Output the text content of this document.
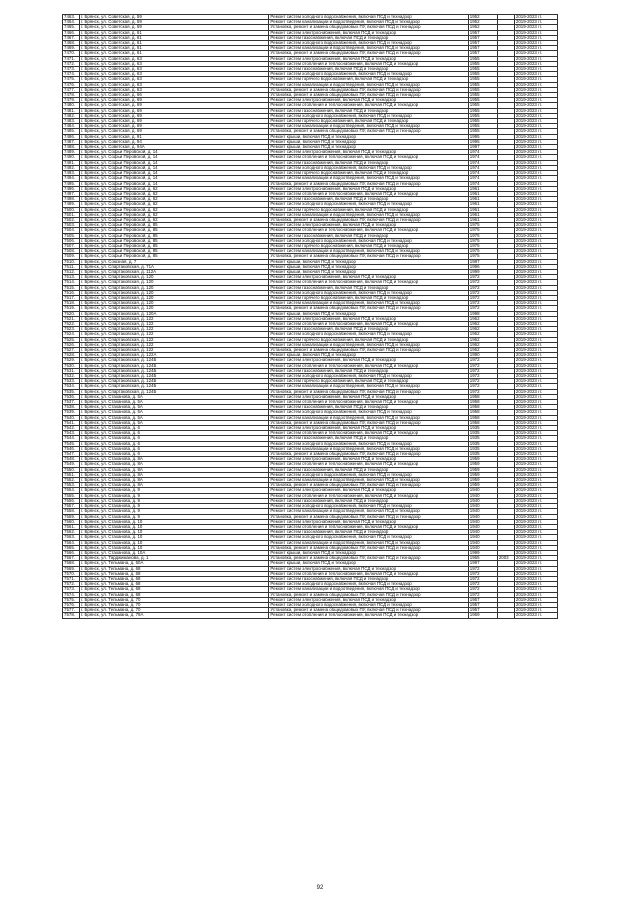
7463.	г. Брянск, ул. Советская, д. 59	Ремонт систем холодного водоснабжения, включая ПСД и технадзор	1952		2019-2023 гг.
7464.	г. Брянск, ул. Советская, д. 59	Ремонт систем канализации и водоотведения, включая ПСД и технадзор	1952		2019-2023 гг.
7465.	г. Брянск, ул. Советская, д. 59	Установка, ремонт и замена общедомовых ПУ, включая ПСД и технадзор	1952		2019-2023 гг.
7466.	г. Брянск, ул. Советская, д. 61	Ремонт систем электроснабжения, включая ПСД и технадзор	1957		2019-2023 гг.
7467.	г. Брянск, ул. Советская, д. 61	Ремонт систем газоснабжения, включая ПСД и технадзор	1957		2019-2023 гг.
7468.	г. Брянск, ул. Советская, д. 61	Ремонт систем холодного водоснабжения, включая ПСД и технадзор	1957		2019-2023 гг.
7469.	г. Брянск, ул. Советская, д. 61	Ремонт систем канализации и водоотведения, включая ПСД и технадзор	1957		2019-2023 гг.
7470.	г. Брянск, ул. Советская, д. 61	Установка, ремонт и замена общедомовых ПУ, включая ПСД и технадзор	1957		2019-2023 гг.
7471.	г. Брянск, ул. Советская, д. 63	Ремонт систем электроснабжения, включая ПСД и технадзор	1955		2019-2023 гг.
7472.	г. Брянск, ул. Советская, д. 63	Ремонт систем отопления и теплоснабжения, включая ПСД и технадзор	1955		2019-2023 гг.
7473.	г. Брянск, ул. Советская, д. 63	Ремонт систем газоснабжения, включая ПСД и технадзор	1955		2019-2023 гг.
7474.	г. Брянск, ул. Советская, д. 63	Ремонт систем холодного водоснабжения, включая ПСД и технадзор	1955		2019-2023 гг.
7475.	г. Брянск, ул. Советская, д. 63	Ремонт систем горячего водоснабжения, включая ПСД и технадзор	1955		2019-2023 гг.
7476.	г. Брянск, ул. Советская, д. 63	Ремонт систем канализации и водоотведения, включая ПСД и технадзор	1955		2019-2023 гг.
7477.	г. Брянск, ул. Советская, д. 63	Установка, ремонт и замена общедомовых ПУ, включая ПСД и технадзор	1955		2019-2023 гг.
7478.	г. Брянск, ул. Советская, д. 66	Установка, ремонт и замена общедомовых ПУ, включая ПСД и технадзор	1955		2019-2023 гг.
7479.	г. Брянск, ул. Советская, д. 69	Ремонт систем электроснабжения, включая ПСД и технадзор	1955		2019-2023 гг.
7480.	г. Брянск, ул. Советская, д. 69	Ремонт систем отопления и теплоснабжения, включая ПСД и технадзор	1955		2019-2023 гг.
7481.	г. Брянск, ул. Советская, д. 69	Ремонт систем газоснабжения, включая ПСД и технадзор	1955		2019-2023 гг.
7482.	г. Брянск, ул. Советская, д. 69	Ремонт систем холодного водоснабжения, включая ПСД и технадзор	1955		2019-2023 гг.
7483.	г. Брянск, ул. Советская, д. 69	Ремонт систем горячего водоснабжения, включая ПСД и технадзор	1955		2019-2023 гг.
7484.	г. Брянск, ул. Советская, д. 69	Ремонт систем канализации и водоотведения, включая ПСД и технадзор	1955		2019-2023 гг.
7485.	г. Брянск, ул. Советская, д. 69	Установка, ремонт и замена общедомовых ПУ, включая ПСД и технадзор	1955		2019-2023 гг.
7486.	г. Брянск, ул. Советская, д. 91	Ремонт крыши, включая ПСД и технадзор	1995		2019-2023 гг.
7487.	г. Брянск, ул. Советская, д. 94	Ремонт крыши, включая ПСД и технадзор	1995		2019-2023 гг.
7488.	г. Брянск, ул. Советская, д. 94А	Ремонт крыши, включая ПСД и технадзор	1997		2019-2023 гг.
7489.	г. Брянск, ул. Софьи Перовской, д. 14	Ремонт систем электроснабжения, включая ПСД и технадзор	1974		2019-2023 гг.
7490.	г. Брянск, ул. Софьи Перовской, д. 14	Ремонт систем отопления и теплоснабжения, включая ПСД и технадзор	1974		2019-2023 гг.
7491.	г. Брянск, ул. Софьи Перовской, д. 14	Ремонт систем газоснабжения, включая ПСД и технадзор	1974		2019-2023 гг.
7492.	г. Брянск, ул. Софьи Перовской, д. 14	Ремонт систем холодного водоснабжения, включая ПСД и технадзор	1974		2019-2023 гг.
7493.	г. Брянск, ул. Софьи Перовской, д. 14	Ремонт систем горячего водоснабжения, включая ПСД и технадзор	1974		2019-2023 гг.
7494.	г. Брянск, ул. Софьи Перовской, д. 14	Ремонт систем канализации и водоотведения, включая ПСД и технадзор	1974		2019-2023 гг.
7495.	г. Брянск, ул. Софьи Перовской, д. 14	Установка, ремонт и замена общедомовых ПУ, включая ПСД и технадзор	1974		2019-2023 гг.
7496.	г. Брянск, ул. Софьи Перовской, д. 62	Ремонт систем электроснабжения, включая ПСД и технадзор	1961		2019-2023 гг.
7497.	г. Брянск, ул. Софьи Перовской, д. 62	Ремонт систем отопления и теплоснабжения, включая ПСД и технадзор	1961		2019-2023 гг.
7498.	г. Брянск, ул. Софьи Перовской, д. 62	Ремонт систем газоснабжения, включая ПСД и технадзор	1961		2019-2023 гг.
7499.	г. Брянск, ул. Софьи Перовской, д. 62	Ремонт систем холодного водоснабжения, включая ПСД и технадзор	1961		2019-2023 гг.
7500.	г. Брянск, ул. Софьи Перовской, д. 62	Ремонт систем горячего водоснабжения, включая ПСД и технадзор	1961		2019-2023 гг.
7501.	г. Брянск, ул. Софьи Перовской, д. 62	Ремонт систем канализации и водоотведения, включая ПСД и технадзор	1961		2019-2023 гг.
7502.	г. Брянск, ул. Софьи Перовской, д. 62	Установка, ремонт и замена общедомовых ПУ, включая ПСД и технадзор	1961		2019-2023 гг.
7503.	г. Брянск, ул. Софьи Перовской, д. 85	Ремонт систем электроснабжения, включая ПСД и технадзор	1975		2019-2023 гг.
7504.	г. Брянск, ул. Софьи Перовской, д. 85	Ремонт систем отопления и теплоснабжения, включая ПСД и технадзор	1975		2019-2023 гг.
7505.	г. Брянск, ул. Софьи Перовской, д. 85	Ремонт систем газоснабжения, включая ПСД и технадзор	1975		2019-2023 гг.
7506.	г. Брянск, ул. Софьи Перовской, д. 85	Ремонт систем холодного водоснабжения, включая ПСД и технадзор	1975		2019-2023 гг.
7507.	г. Брянск, ул. Софьи Перовской, д. 85	Ремонт систем горячего водоснабжения, включая ПСД и технадзор	1975		2019-2023 гг.
7508.	г. Брянск, ул. Софьи Перовской, д. 85	Ремонт систем канализации и водоотведения, включая ПСД и технадзор	1975		2019-2023 гг.
7509.	г. Брянск, ул. Софьи Перовской, д. 85	Установка, ремонт и замена общедомовых ПУ, включая ПСД и технадзор	1975		2019-2023 гг.
7510.	г. Брянск, ул. Союзная, д. 7	Ремонт крыши, включая ПСД и технадзор	1987		2019-2023 гг.
7511.	г. Брянск, ул. Спартаковская, д. 71А	Ремонт крыши, включая ПСД и технадзор	1996		2019-2023 гг.
7512.	г. Брянск, ул. Спартаковская, д. 112А	Ремонт крыши, включая ПСД и технадзор	1999		2019-2023 гг.
7513.	г. Брянск, ул. Спартаковская, д. 120	Ремонт систем электроснабжения, включая ПСД и технадзор	1972		2019-2023 гг.
7514.	г. Брянск, ул. Спартаковская, д. 120	Ремонт систем отопления и теплоснабжения, включая ПСД и технадзор	1972		2019-2023 гг.
7515.	г. Брянск, ул. Спартаковская, д. 120	Ремонт систем газоснабжения, включая ПСД и технадзор	1972		2019-2023 гг.
7516.	г. Брянск, ул. Спартаковская, д. 120	Ремонт систем холодного водоснабжения, включая ПСД и технадзор	1972		2019-2023 гг.
7517.	г. Брянск, ул. Спартаковская, д. 120	Ремонт систем горячего водоснабжения, включая ПСД и технадзор	1972		2019-2023 гг.
7518.	г. Брянск, ул. Спартаковская, д. 120	Ремонт систем канализации и водоотведения, включая ПСД и технадзор	1972		2019-2023 гг.
7519.	г. Брянск, ул. Спартаковская, д. 120	Установка, ремонт и замена общедомовых ПУ, включая ПСД и технадзор	1972		2019-2023 гг.
7520.	г. Брянск, ул. Спартаковская, д. 120А	Ремонт крыши, включая ПСД и технадзор	1998		2019-2023 гг.
7521.	г. Брянск, ул. Спартаковская, д. 122	Ремонт систем электроснабжения, включая ПСД и технадзор	1962		2019-2023 гг.
7522.	г. Брянск, ул. Спартаковская, д. 122	Ремонт систем отопления и теплоснабжения, включая ПСД и технадзор	1962		2019-2023 гг.
7523.	г. Брянск, ул. Спартаковская, д. 122	Ремонт систем газоснабжения, включая ПСД и технадзор	1962		2019-2023 гг.
7524.	г. Брянск, ул. Спартаковская, д. 122	Ремонт систем холодного водоснабжения, включая ПСД и технадзор	1962		2019-2023 гг.
7525.	г. Брянск, ул. Спартаковская, д. 122	Ремонт систем горячего водоснабжения, включая ПСД и технадзор	1962		2019-2023 гг.
7526.	г. Брянск, ул. Спартаковская, д. 122	Ремонт систем канализации и водоотведения, включая ПСД и технадзор	1962		2019-2023 гг.
7527.	г. Брянск, ул. Спартаковская, д. 122	Установка, ремонт и замена общедомовых ПУ, включая ПСД и технадзор	1962		2019-2023 гг.
7528.	г. Брянск, ул. Спартаковская, д. 122А	Ремонт крыши, включая ПСД и технадзор	1990		2019-2023 гг.
7529.	г. Брянск, ул. Спартаковская, д. 124Б	Ремонт систем электроснабжения, включая ПСД и технадзор	1972		2019-2023 гг.
7530.	г. Брянск, ул. Спартаковская, д. 124Б	Ремонт систем отопления и теплоснабжения, включая ПСД и технадзор	1972		2019-2023 гг.
7531.	г. Брянск, ул. Спартаковская, д. 124Б	Ремонт систем газоснабжения, включая ПСД и технадзор	1972		2019-2023 гг.
7532.	г. Брянск, ул. Спартаковская, д. 124Б	Ремонт систем холодного водоснабжения, включая ПСД и технадзор	1972		2019-2023 гг.
7533.	г. Брянск, ул. Спартаковская, д. 124Б	Ремонт систем горячего водоснабжения, включая ПСД и технадзор	1972		2019-2023 гг.
7534.	г. Брянск, ул. Спартаковская, д. 124Б	Ремонт систем канализации и водоотведения, включая ПСД и технадзор	1972		2019-2023 гг.
7535.	г. Брянск, ул. Спартаковская, д. 124Б	Установка, ремонт и замена общедомовых ПУ, включая ПСД и технадзор	1972		2019-2023 гг.
7536.	г. Брянск, ул. Стаханова, д. 5А	Ремонт систем электроснабжения, включая ПСД и технадзор	1958		2019-2023 гг.
7537.	г. Брянск, ул. Стаханова, д. 5А	Ремонт систем отопления и теплоснабжения, включая ПСД и технадзор	1958		2019-2023 гг.
7538.	г. Брянск, ул. Стаханова, д. 5А	Ремонт систем газоснабжения, включая ПСД и технадзор	1958		2019-2023 гг.
7539.	г. Брянск, ул. Стаханова, д. 5А	Ремонт систем холодного водоснабжения, включая ПСД и технадзор	1958		2019-2023 гг.
7540.	г. Брянск, ул. Стаханова, д. 5А	Ремонт систем канализации и водоотведения, включая ПСД и технадзор	1958		2019-2023 гг.
7541.	г. Брянск, ул. Стаханова, д. 5А	Установка, ремонт и замена общедомовых ПУ, включая ПСД и технадзор	1958		2019-2023 гг.
7542.	г. Брянск, ул. Стаханова, д. 6	Ремонт систем электроснабжения, включая ПСД и технадзор	1935		2019-2023 гг.
7543.	г. Брянск, ул. Стаханова, д. 6	Ремонт систем отопления и теплоснабжения, включая ПСД и технадзор	1935		2019-2023 гг.
7544.	г. Брянск, ул. Стаханова, д. 6	Ремонт систем газоснабжения, включая ПСД и технадзор	1935		2019-2023 гг.
7545.	г. Брянск, ул. Стаханова, д. 6	Ремонт систем холодного водоснабжения, включая ПСД и технадзор	1935		2019-2023 гг.
7546.	г. Брянск, ул. Стаханова, д. 6	Ремонт систем канализации и водоотведения, включая ПСД и технадзор	1935		2019-2023 гг.
7547.	г. Брянск, ул. Стаханова, д. 6	Установка, ремонт и замена общедомовых ПУ, включая ПСД и технадзор	1935		2019-2023 гг.
7548.	г. Брянск, ул. Стаханова, д. 8А	Ремонт систем электроснабжения, включая ПСД и технадзор	1959		2019-2023 гг.
7549.	г. Брянск, ул. Стаханова, д. 8А	Ремонт систем отопления и теплоснабжения, включая ПСД и технадзор	1959		2019-2023 гг.
7550.	г. Брянск, ул. Стаханова, д. 8А	Ремонт систем газоснабжения, включая ПСД и технадзор	1959		2019-2023 гг.
7551.	г. Брянск, ул. Стаханова, д. 8А	Ремонт систем холодного водоснабжения, включая ПСД и технадзор	1959		2019-2023 гг.
7552.	г. Брянск, ул. Стаханова, д. 8А	Ремонт систем канализации и водоотведения, включая ПСД и технадзор	1959		2019-2023 гг.
7553.	г. Брянск, ул. Стаханова, д. 8А	Установка, ремонт и замена общедомовых ПУ, включая ПСД и технадзор	1959		2019-2023 гг.
7554.	г. Брянск, ул. Стаханова, д. 9	Ремонт систем электроснабжения, включая ПСД и технадзор	1940		2019-2023 гг.
7555.	г. Брянск, ул. Стаханова, д. 9	Ремонт систем отопления и теплоснабжения, включая ПСД и технадзор	1940		2019-2023 гг.
7556.	г. Брянск, ул. Стаханова, д. 9	Ремонт систем газоснабжения, включая ПСД и технадзор	1940		2019-2023 гг.
7557.	г. Брянск, ул. Стаханова, д. 9	Ремонт систем холодного водоснабжения, включая ПСД и технадзор	1940		2019-2023 гг.
7558.	г. Брянск, ул. Стаханова, д. 9	Ремонт систем канализации и водоотведения, включая ПСД и технадзор	1940		2019-2023 гг.
7559.	г. Брянск, ул. Стаханова, д. 9	Установка, ремонт и замена общедомовых ПУ, включая ПСД и технадзор	1940		2019-2023 гг.
7560.	г. Брянск, ул. Стаханова, д. 10	Ремонт систем электроснабжения, включая ПСД и технадзор	1940		2019-2023 гг.
7561.	г. Брянск, ул. Стаханова, д. 10	Ремонт систем отопления и теплоснабжения, включая ПСД и технадзор	1940		2019-2023 гг.
7562.	г. Брянск, ул. Стаханова, д. 10	Ремонт систем газоснабжения, включая ПСД и технадзор	1940		2019-2023 гг.
7563.	г. Брянск, ул. Стаханова, д. 10	Ремонт систем холодного водоснабжения, включая ПСД и технадзор	1940		2019-2023 гг.
7564.	г. Брянск, ул. Стаханова, д. 10	Ремонт систем канализации и водоотведения, включая ПСД и технадзор	1940		2019-2023 гг.
7565.	г. Брянск, ул. Стаханова, д. 10	Установка, ремонт и замена общедомовых ПУ, включая ПСД и технадзор	1940		2019-2023 гг.
7566.	г. Брянск, ул. Стаханова, д. 10А	Ремонт крыши, включая ПСД и технадзор	1999		2019-2023 гг.
7567.	г. Брянск, ул. Тарджиманова, д. 1	Установка, ремонт и замена общедомовых ПУ, включая ПСД и технадзор	1965	2003	2019-2023 гг.
7568.	г. Брянск, ул. Тельмана, д. 60А	Ремонт крыши, включая ПСД и технадзор	1997		2019-2023 гг.
7569.	г. Брянск, ул. Тельмана, д. 68	Ремонт систем электроснабжения, включая ПСД и технадзор	1972		2019-2023 гг.
7570.	г. Брянск, ул. Тельмана, д. 68	Ремонт систем отопления и теплоснабжения, включая ПСД и технадзор	1972		2019-2023 гг.
7571.	г. Брянск, ул. Тельмана, д. 68	Ремонт систем газоснабжения, включая ПСД и технадзор	1972		2019-2023 гг.
7572.	г. Брянск, ул. Тельмана, д. 68	Ремонт систем холодного водоснабжения, включая ПСД и технадзор	1972		2019-2023 гг.
7573.	г. Брянск, ул. Тельмана, д. 68	Ремонт систем канализации и водоотведения, включая ПСД и технадзор	1972		2019-2023 гг.
7574.	г. Брянск, ул. Тельмана, д. 68	Установка, ремонт и замена общедомовых ПУ, включая ПСД и технадзор	1972		2019-2023 гг.
7575.	г. Брянск, ул. Тельмана, д. 70	Ремонт систем электроснабжения, включая ПСД и технадзор	1957		2019-2023 гг.
7576.	г. Брянск, ул. Тельмана, д. 70	Ремонт систем холодного водоснабжения, включая ПСД и технадзор	1957		2019-2023 гг.
7577.	г. Брянск, ул. Тельмана, д. 70	Установка, ремонт и замена общедомовых ПУ, включая ПСД и технадзор	1957		2019-2023 гг.
7578.	г. Брянск, ул. Тельмана, д. 79А	Ремонт систем отопления и теплоснабжения, включая ПСД и технадзор	1969		2019-2023 гг.
92
